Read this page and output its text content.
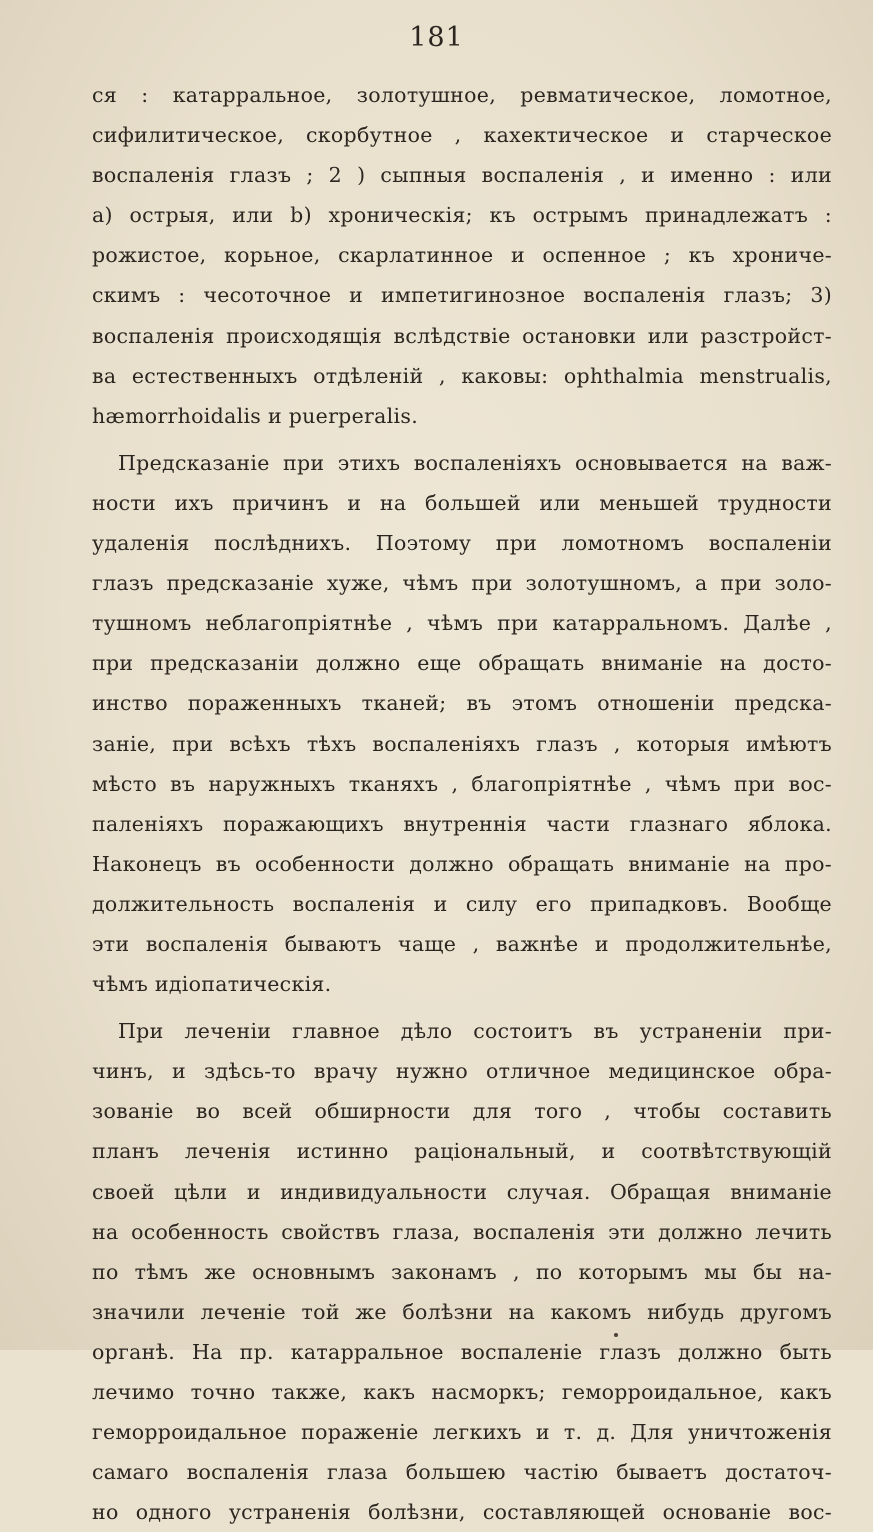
181
ся : катарральное, золотушное, ревматическое, ломотное,
сифилитическое, скорбутное , кахектическое и старческое
воспаленія глазъ ; 2 ) сыпныя воспаленія , и именно : или
а) острыя, или b) хроническія; къ острымъ принадлежатъ :
рожистое, корьное, скарлатинное и оспенное ; къ хрониче-
скимъ : чесоточное и импетигинозное воспаленія глазъ; 3)
воспаленія происходящія вслѣдствіе остановки или разстройст-
ва естественныхъ отдѣленій , каковы: ophthalmia menstrualis,
hæmorrhoidalis и puerperalis.
Предсказаніе при этихъ воспаленіяхъ основывается на важ-
ности ихъ причинъ и на большей или меньшей трудности
удаленія послѣднихъ. Поэтому при ломотномъ воспаленіи
глазъ предсказаніе хуже, чѣмъ при золотушномъ, а при золо-
тушномъ неблагопріятнѣе , чѣмъ при катарральномъ. Далѣе ,
при предсказаніи должно еще обращать вниманіе на достo-
инство пораженныхъ тканей; въ этомъ отношеніи предска-
заніе, при всѣхъ тѣхъ воспаленіяхъ глазъ , которыя имѣютъ
мѣсто въ наружныхъ тканяхъ , благопріятнѣе , чѣмъ при вос-
паленіяхъ поражающихъ внутреннія части глазнаго яблока.
Наконецъ въ особенности должно обращать вниманіе на про-
должительность воспаленія и силу его припадковъ. Вообще
эти воспаленія бываютъ чаще , важнѣе и продолжительнѣе,
чѣмъ идіопатическія.
При леченіи главное дѣло состоитъ въ устраненіи при-
чинъ, и здѣсь-то врачу нужно отличное медицинское обра-
зованіе во всей обширности для того , чтобы составить
планъ леченія истинно раціональный, и соотвѣтствующій
своей цѣли и индивидуальности случая. Обращая вниманіе
на особенность свойствъ глаза, воспаленія эти должно лечить
по тѣмъ же основнымъ законамъ , по которымъ мы бы на-
значили леченіе той же болѣзни на какомъ нибудь другомъ
органѣ. На пр. катарральное воспаленіе глазъ должно быть
лечимо точно также, какъ насморкъ; геморроидальное, какъ
геморроидальное пораженіе легкихъ и т. д. Для уничтоженія
самаго воспаленія глаза большею частію бываетъ достаточ-
но одного устраненія болѣзни, составляющей основаніе вос-
